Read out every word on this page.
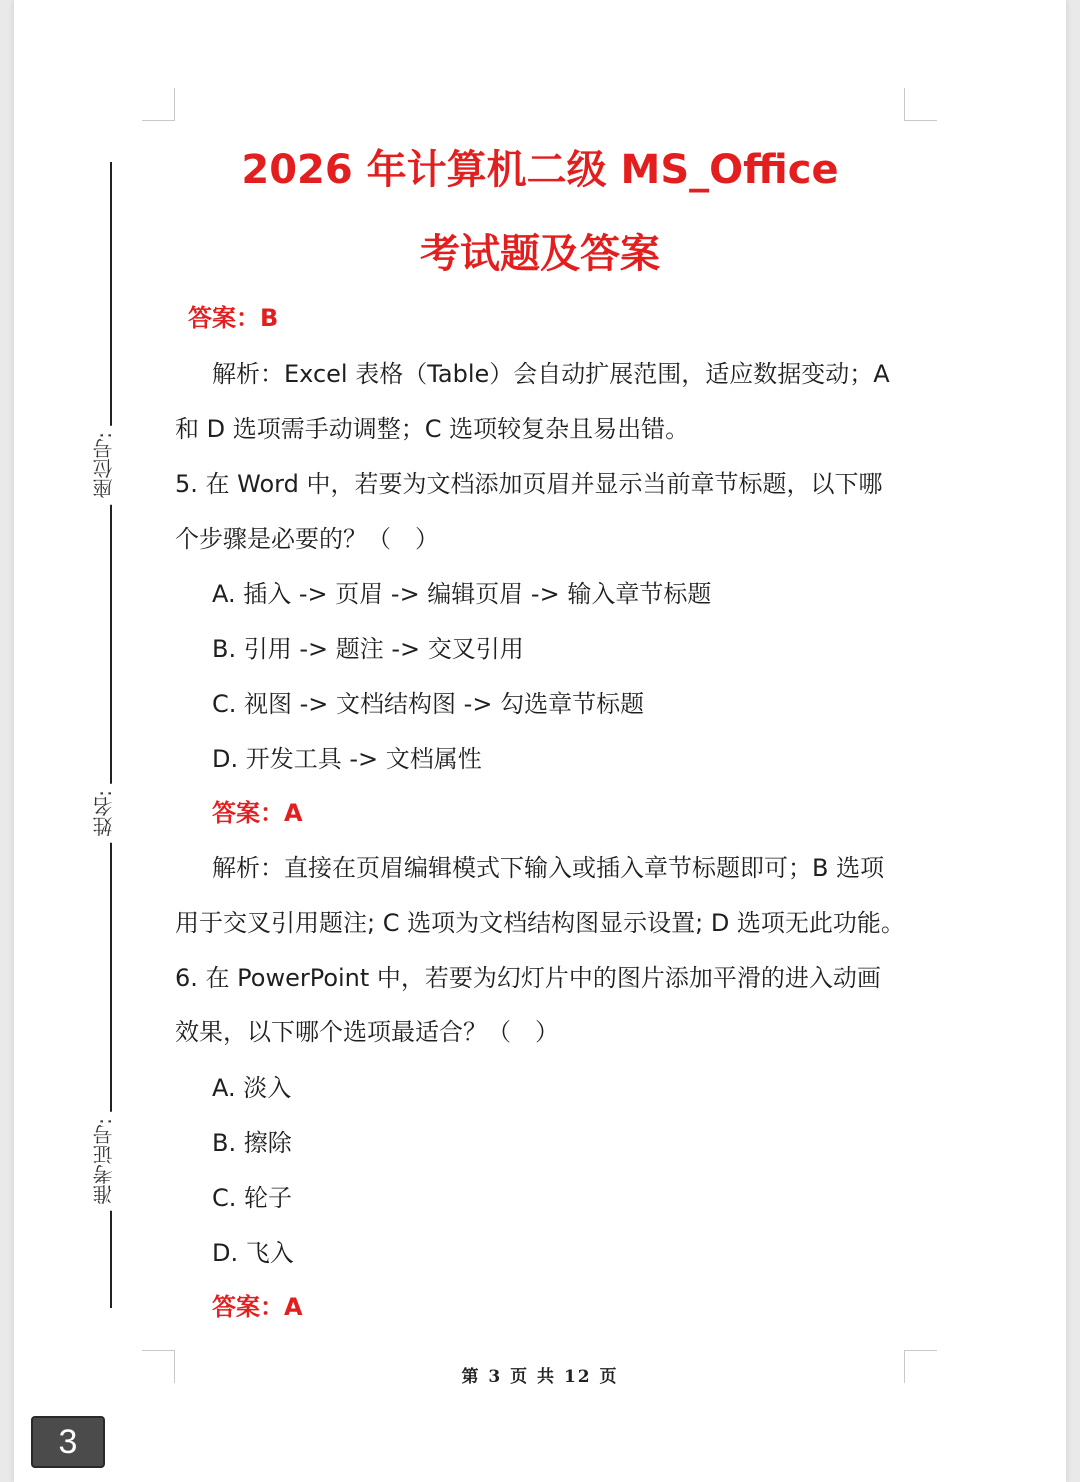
座位号:
姓名:
准考证号:
2026 年计算机二级 MS_Office
考试题及答案
答案：B
解析：Excel 表格（Table）会自动扩展范围，适应数据变动；A
和 D 选项需手动调整；C 选项较复杂且易出错。
5. 在 Word 中，若要为文档添加页眉并显示当前章节标题，以下哪
个步骤是必要的？（　）
A. 插入 -> 页眉 -> 编辑页眉 -> 输入章节标题
B. 引用 -> 题注 -> 交叉引用
C. 视图 -> 文档结构图 -> 勾选章节标题
D. 开发工具 -> 文档属性
答案：A
解析：直接在页眉编辑模式下输入或插入章节标题即可；B 选项
用于交叉引用题注; C 选项为文档结构图显示设置; D 选项无此功能。
6. 在 PowerPoint 中，若要为幻灯片中的图片添加平滑的进入动画
效果，以下哪个选项最适合？（　）
A. 淡入
B. 擦除
C. 轮子
D. 飞入
答案：A
第 3 页 共 12 页
3
